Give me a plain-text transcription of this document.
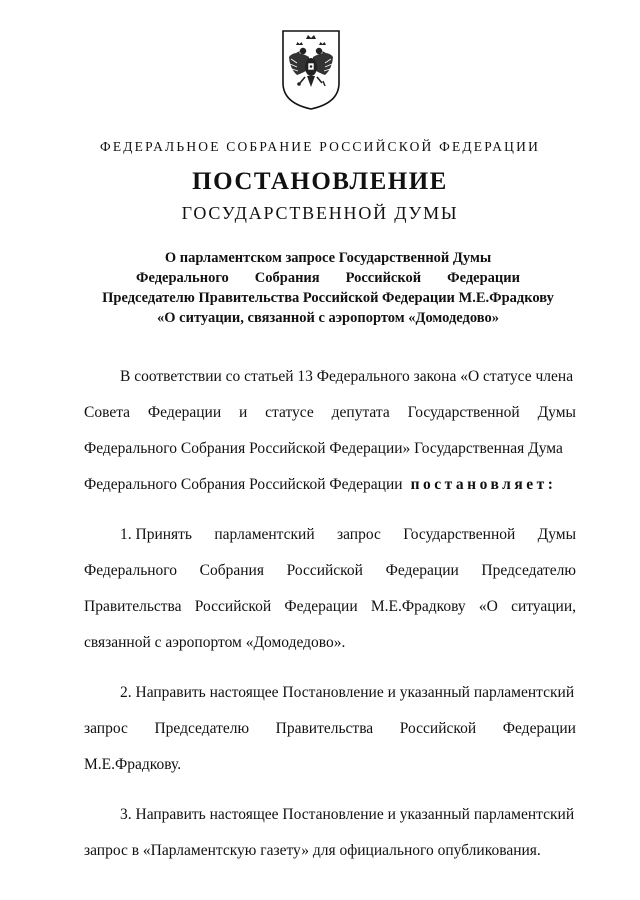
ФЕДЕРАЛЬНОЕ СОБРАНИЕ РОССИЙСКОЙ ФЕДЕРАЦИИ
ПОСТАНОВЛЕНИЕ
ГОСУДАРСТВЕННОЙ ДУМЫ
О парламентском запросе Государственной Думы
Федерального Собрания Российской Федерации
Председателю Правительства Российской Федерации М.Е.Фрадкову
«О ситуации, связанной с аэропортом «Домодедово»
В соответствии со статьей 13 Федерального закона «О статусе члена
Совета Федерации и статусе депутата Государственной Думы
Федерального Собрания Российской Федерации» Государственная Дума
Федерального Собрания Российской Федерации постановляет:
1. Принять парламентский запрос Государственной Думы
Федерального Собрания Российской Федерации Председателю
Правительства Российской Федерации М.Е.Фрадкову «О ситуации,
связанной с аэропортом «Домодедово».
2. Направить настоящее Постановление и указанный парламентский
запрос Председателю Правительства Российской Федерации
М.Е.Фрадкову.
3. Направить настоящее Постановление и указанный парламентский
запрос в «Парламентскую газету» для официального опубликования.
